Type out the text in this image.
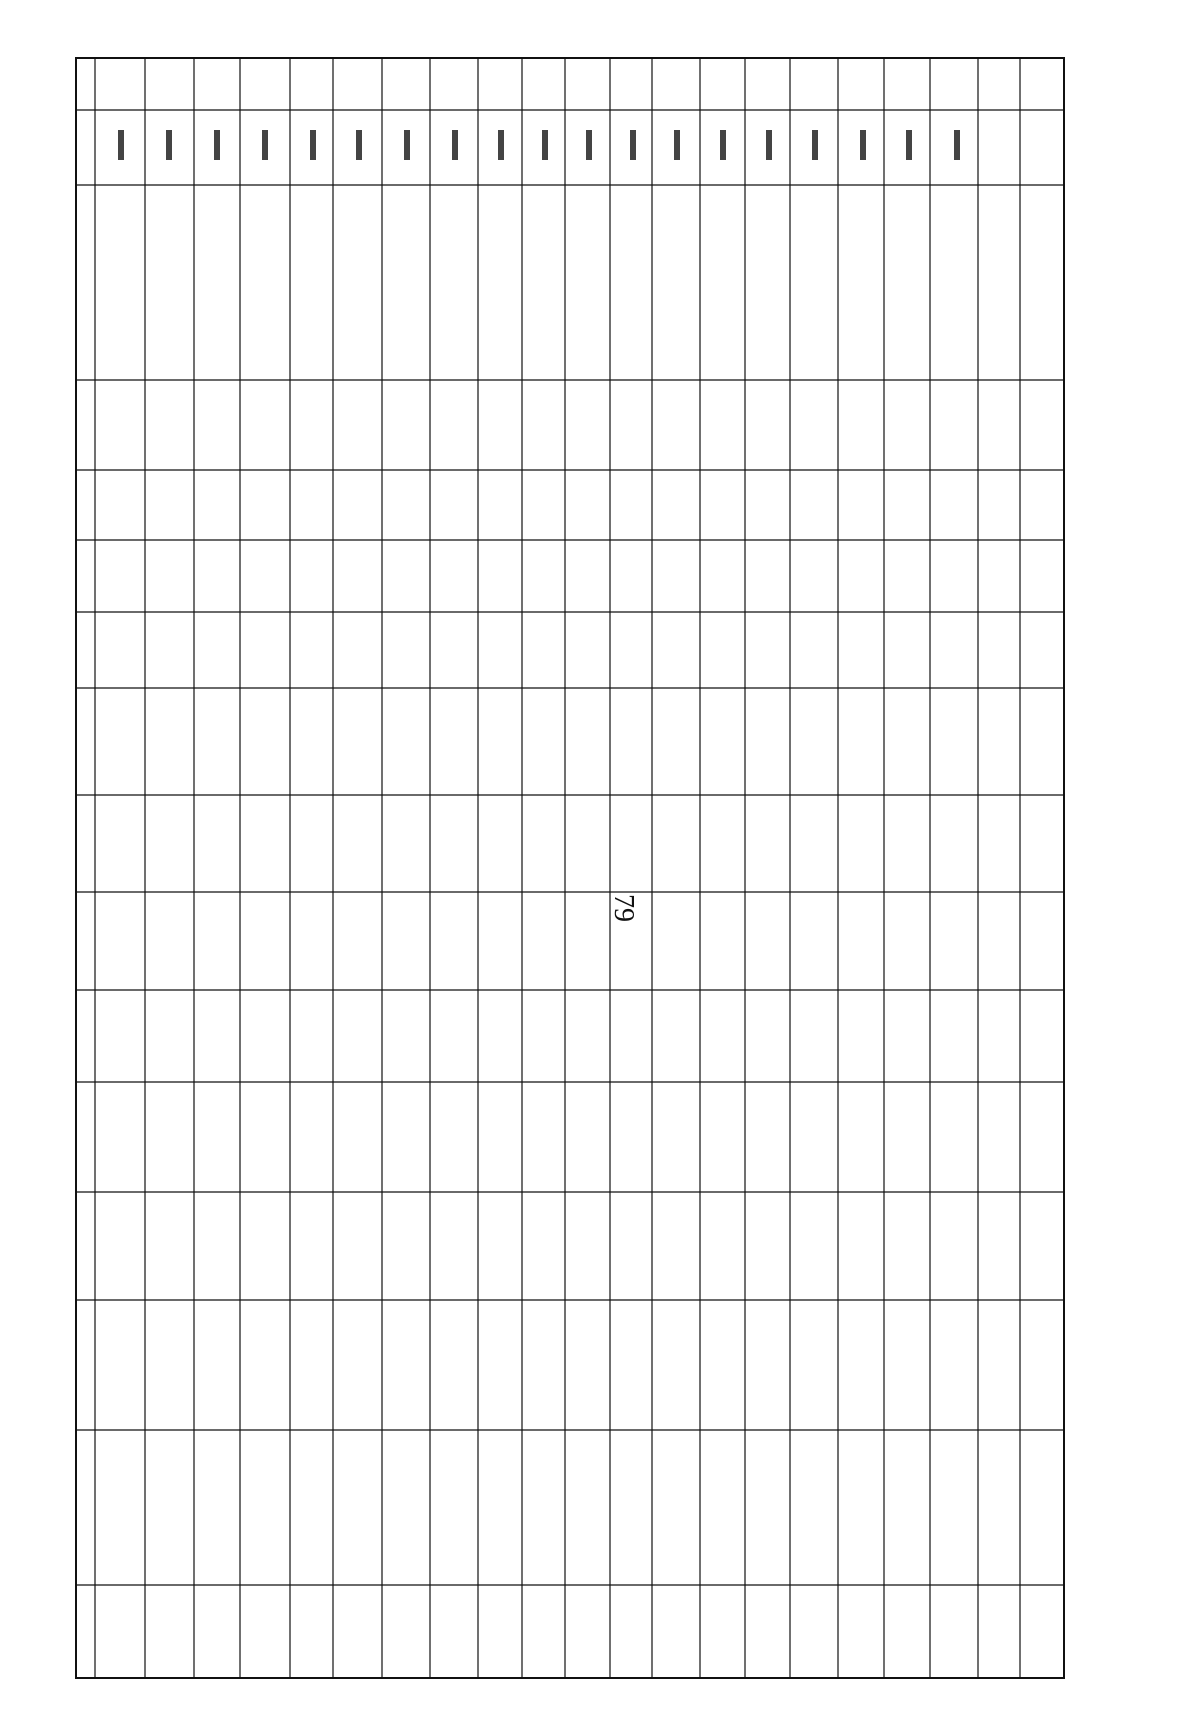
79
